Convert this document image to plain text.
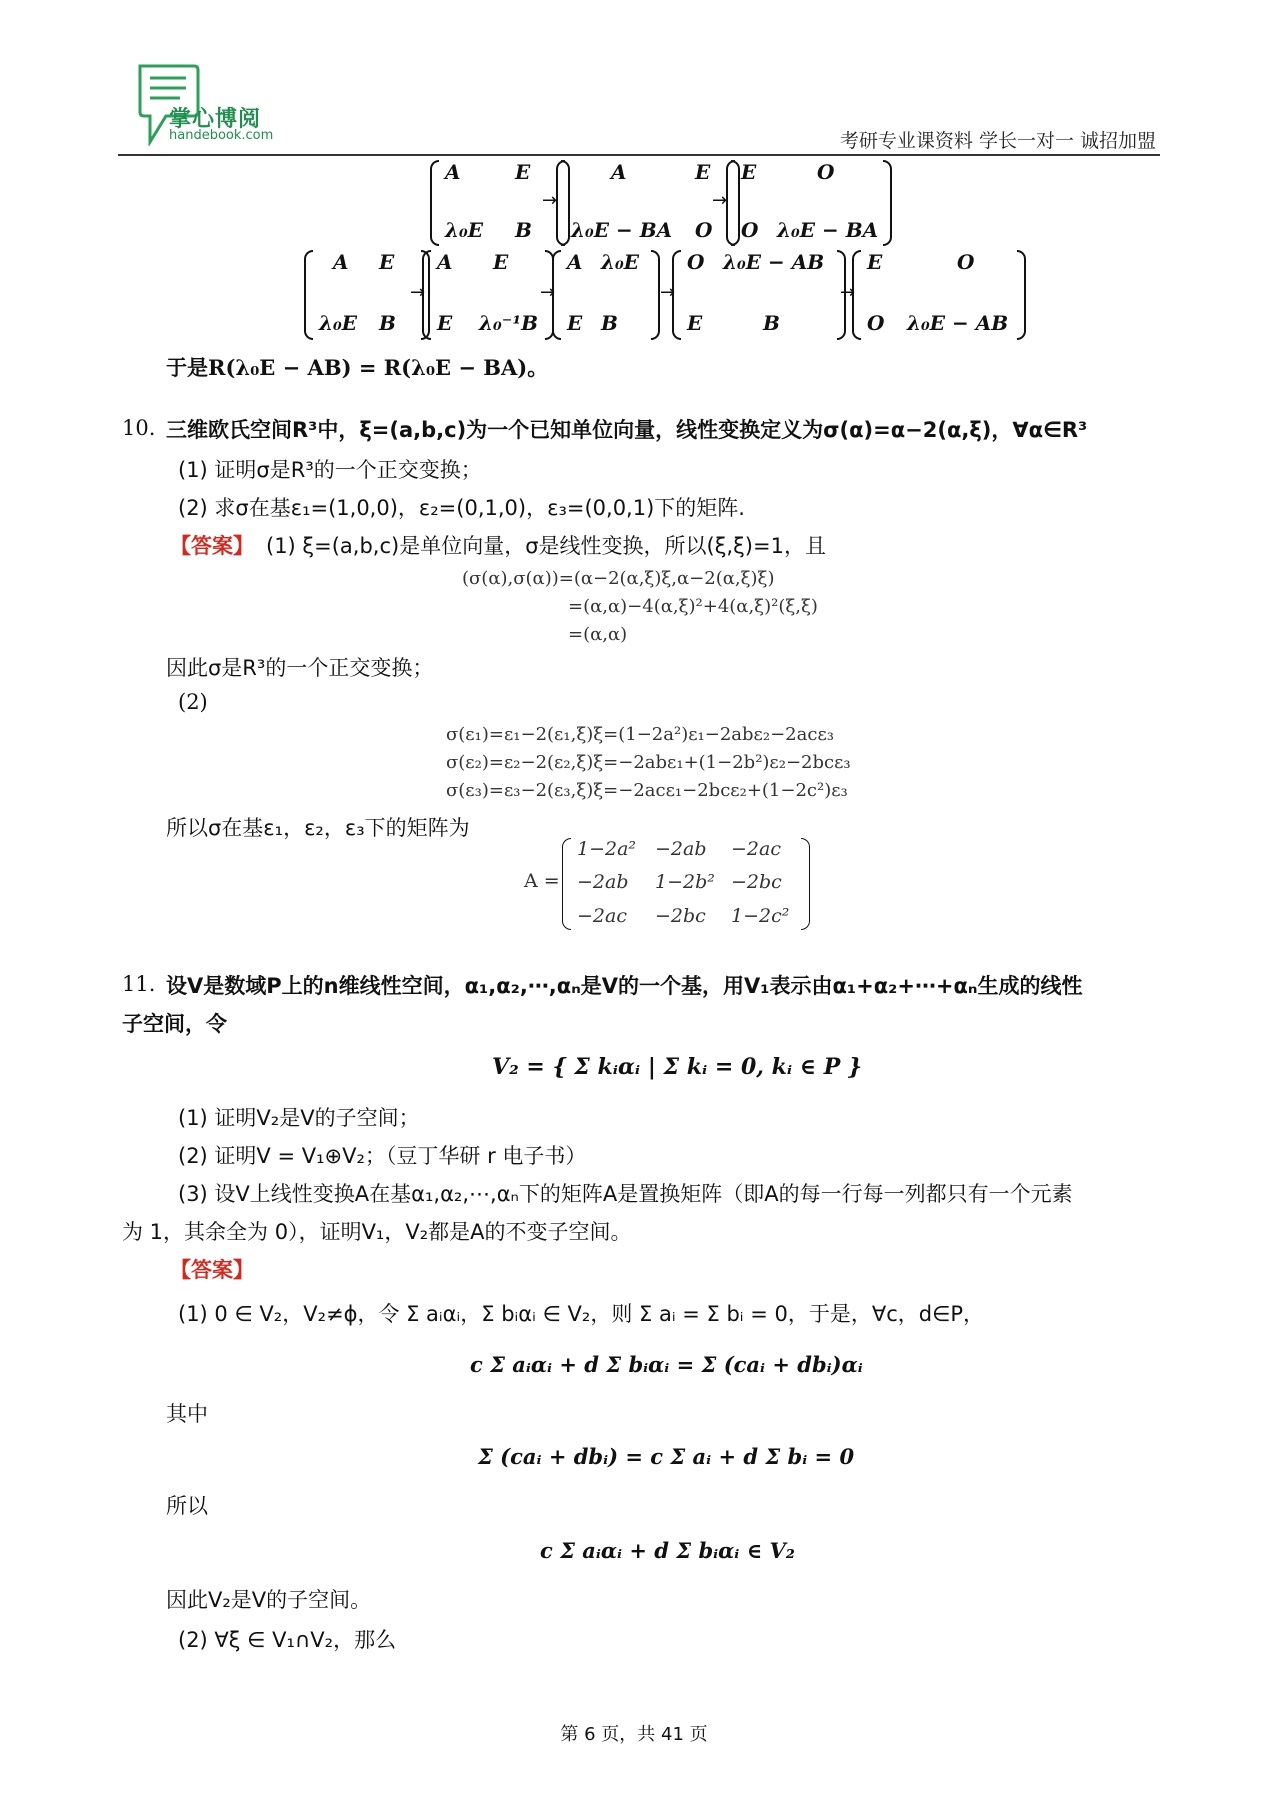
掌心博阅
handebook.com	考研专业课资料 学长一对一 诚招加盟
A	E
λ₀E	B
→
A	E
λ₀E − BA	O
→
E	O
O λ₀E − BA
A	E
λ₀E	B
→
A	E
E	λ₀⁻¹B
→
A λ₀E
E B
→
O λ₀E − AB
E	B
→
E	O
O	λ₀E − AB
于是R(λ₀E − AB) = R(λ₀E − BA)。
10. 三维欧氏空间R³中，ξ=(a,b,c)为一个已知单位向量，线性变换定义为σ(α)=α−2(α,ξ)，∀α∈R³
(1) 证明σ是R³的一个正交变换；
(2) 求σ在基ε₁=(1,0,0)，ε₂=(0,1,0)，ε₃=(0,0,1)下的矩阵.
【答案】 (1) ξ=(a,b,c)是单位向量，σ是线性变换，所以(ξ,ξ)=1，且
(σ(α),σ(α))=(α−2(α,ξ)ξ,α−2(α,ξ)ξ)
=(α,α)−4(α,ξ)²+4(α,ξ)²(ξ,ξ)
=(α,α)
因此σ是R³的一个正交变换；
(2)
σ(ε₁)=ε₁−2(ε₁,ξ)ξ=(1−2a²)ε₁−2abε₂−2acε₃
σ(ε₂)=ε₂−2(ε₂,ξ)ξ=−2abε₁+(1−2b²)ε₂−2bcε₃
σ(ε₃)=ε₃−2(ε₃,ξ)ξ=−2acε₁−2bcε₂+(1−2c²)ε₃
所以σ在基ε₁，ε₂，ε₃下的矩阵为
A =
1−2a² −2ab	−2ac
−2ab	1−2b² −2bc
−2ac	−2bc	1−2c²
11. 设V是数域P上的n维线性空间，α₁,α₂,⋯,αₙ是V的一个基，用V₁表示由α₁+α₂+⋯+αₙ生成的线性
子空间，令
V₂ = { Σ kᵢαᵢ | Σ kᵢ = 0, kᵢ ∈ P }
(1) 证明V₂是V的子空间；
(2) 证明V = V₁⊕V₂；（豆丁华研 r 电子书）
(3) 设V上线性变换A在基α₁,α₂,⋯,αₙ下的矩阵A是置换矩阵（即A的每一行每一列都只有一个元素
为 1，其余全为 0），证明V₁，V₂都是A的不变子空间。
【答案】
(1) 0 ∈ V₂，V₂≠ϕ，令 Σ aᵢαᵢ，Σ bᵢαᵢ ∈ V₂，则 Σ aᵢ = Σ bᵢ = 0，于是，∀c，d∈P，
c Σ aᵢαᵢ + d Σ bᵢαᵢ = Σ (caᵢ + dbᵢ)αᵢ
其中
Σ (caᵢ + dbᵢ) = c Σ aᵢ + d Σ bᵢ = 0
所以
c Σ aᵢαᵢ + d Σ bᵢαᵢ ∈ V₂
因此V₂是V的子空间。
(2) ∀ξ ∈ V₁∩V₂，那么
第 6 页，共 41 页
